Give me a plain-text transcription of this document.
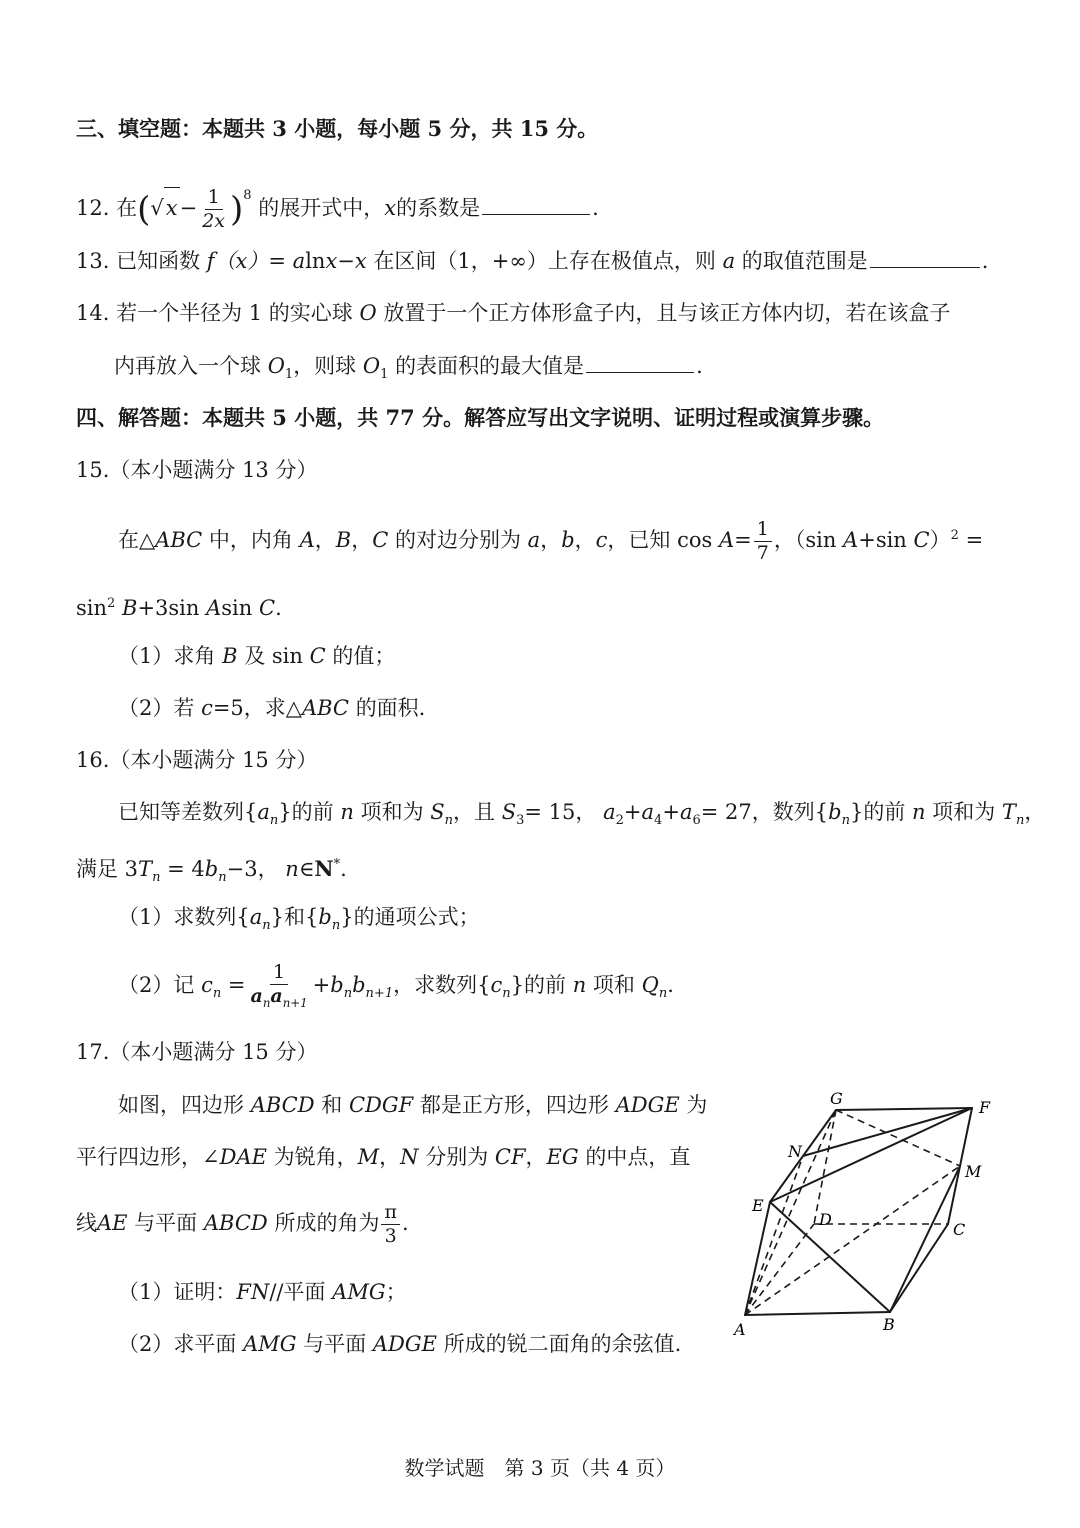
三、填空题：本题共 3 小题，每小题 5 分，共 15 分。
12. 在$(√x- \frac{1}{2x} )^8$ 的展开式中，x的系数是	.
13. 已知函数 f（x）= alnx−x 在区间（1，+∞）上存在极值点，则 a 的取值范围是	.
14. 若一个半径为 1 的实心球 O 放置于一个正方体形盒子内，且与该正方体内切，若在该盒子
内再放入一个球 $O_1$，则球 $O_1$ 的表面积的最大值是	.
四、解答题：本题共 5 小题，共 77 分。解答应写出文字说明、证明过程或演算步骤。
15.（本小题满分 13 分）
在△ABC 中，内角 A，B，C 的对边分别为 a，b，c，已知 $\cos A= \frac{1}{7}$ ，（sin A+sin C）$^2$ =
$\sin^2 B+3\sin$ Asin C.
（1）求角 B 及 sin C 的值；
（2）若 c=5，求△ABC 的面积.
16.（本小题满分 15 分）
已知等差数列$\{a_n\}$的前 n 项和为 $S_n$，且 $S_3= 15$， $a_2+a_4+a_6= 27$，数列$\{b_n\}$的前 n 项和为 $T_n$，
满足 $3T_n = 4b_n-3$， n∈N*.
（1）求数列$\{a_n\}$和$\{b_n\}$的通项公式；
（2）记 $c_n = \frac{1}{a_na_{n+1}} +b_nb_{n+1}$，求数列$\{c_n\}$的前 n 项和 $Q_n$.
17.（本小题满分 15 分）
如图，四边形 ABCD 和 CDGF 都是正方形，四边形 ADGE 为
平行四边形，∠DAE 为锐角，M，N 分别为 CF，EG 的中点，直
线AE 与平面 ABCD 所成的角为 $\frac{\pi}{3}$ .
（1）证明：FN//平面 AMG；
（2）求平面 AMG 与平面 ADGE 所成的锐二面角的余弦值.
G	F
N
M
E
D
C
A	B
数学试题　第 3 页（共 4 页）
